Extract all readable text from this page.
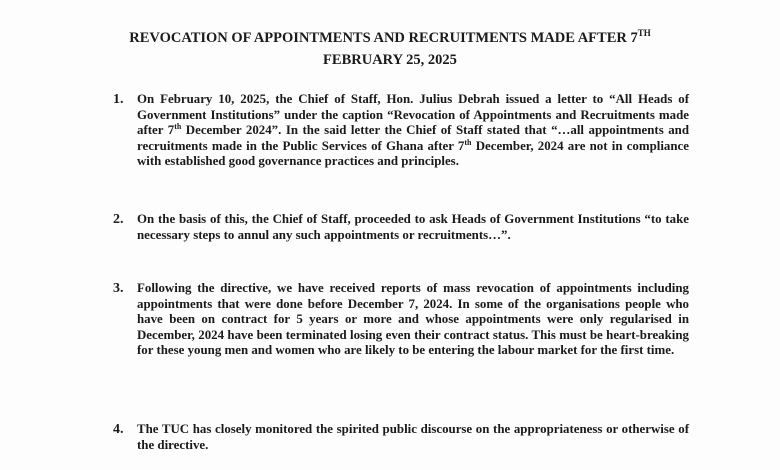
REVOCATION OF APPOINTMENTS AND RECRUITMENTS MADE AFTER 7TH
FEBRUARY 25, 2025
1.	On February 10, 2025, the Chief of Staff, Hon. Julius Debrah issued a letter to “All Heads of Government Institutions” under the caption “Revocation of Appointments and Recruitments made after 7th December 2024”. In the said letter the Chief of Staff stated that “…all appointments and recruitments made in the Public Services of Ghana after 7th December, 2024 are not in compliance with established good governance practices and principles.
2.	On the basis of this, the Chief of Staff, proceeded to ask Heads of Government Institutions “to take necessary steps to annul any such appointments or recruitments…”.
3.	Following the directive, we have received reports of mass revocation of appointments including appointments that were done before December 7, 2024. In some of the organisations people who have been on contract for 5 years or more and whose appointments were only regularised in December, 2024 have been terminated losing even their contract status. This must be heart-breaking for these young men and women who are likely to be entering the labour market for the first time.
4.	The TUC has closely monitored the spirited public discourse on the appropriateness or otherwise of the directive.
